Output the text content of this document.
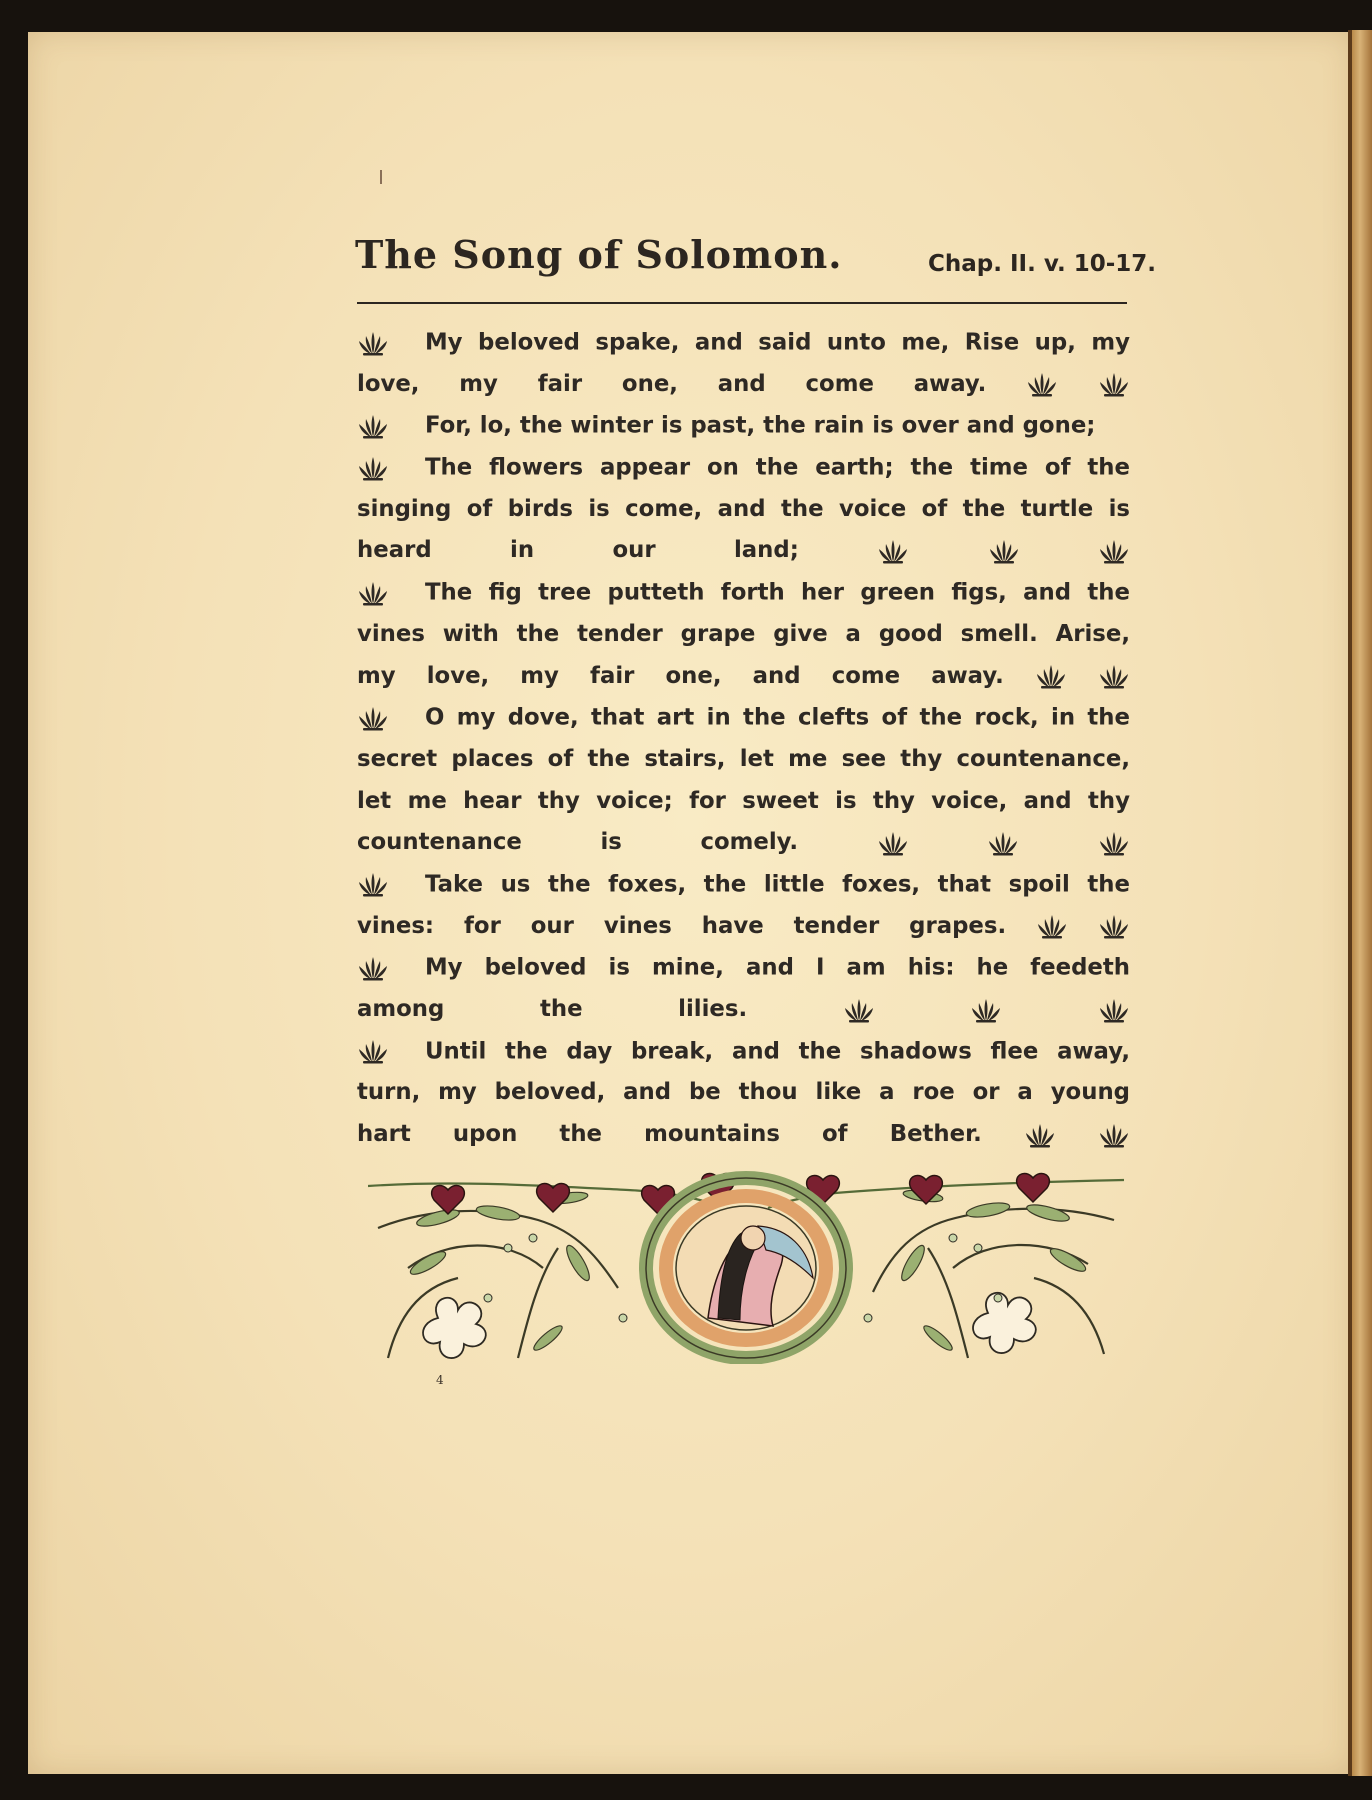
The Song of Solomon.	Chap. II. v. 10-17.
My beloved spake, and said unto me, Rise up, my
love, my fair one, and come away.
For, lo, the winter is past, the rain is over and gone;
The flowers appear on the earth; the time of the
singing of birds is come, and the voice of the turtle is
heard in our land;
The fig tree putteth forth her green figs, and the
vines with the tender grape give a good smell. Arise,
my love, my fair one, and come away.
O my dove, that art in the clefts of the rock, in the
secret places of the stairs, let me see thy countenance,
let me hear thy voice; for sweet is thy voice, and thy
countenance is comely.
Take us the foxes, the little foxes, that spoil the
vines: for our vines have tender grapes.
My beloved is mine, and I am his: he feedeth
among the lilies.
Until the day break, and the shadows flee away,
turn, my beloved, and be thou like a roe or a young
hart upon the mountains of Bether.
4
